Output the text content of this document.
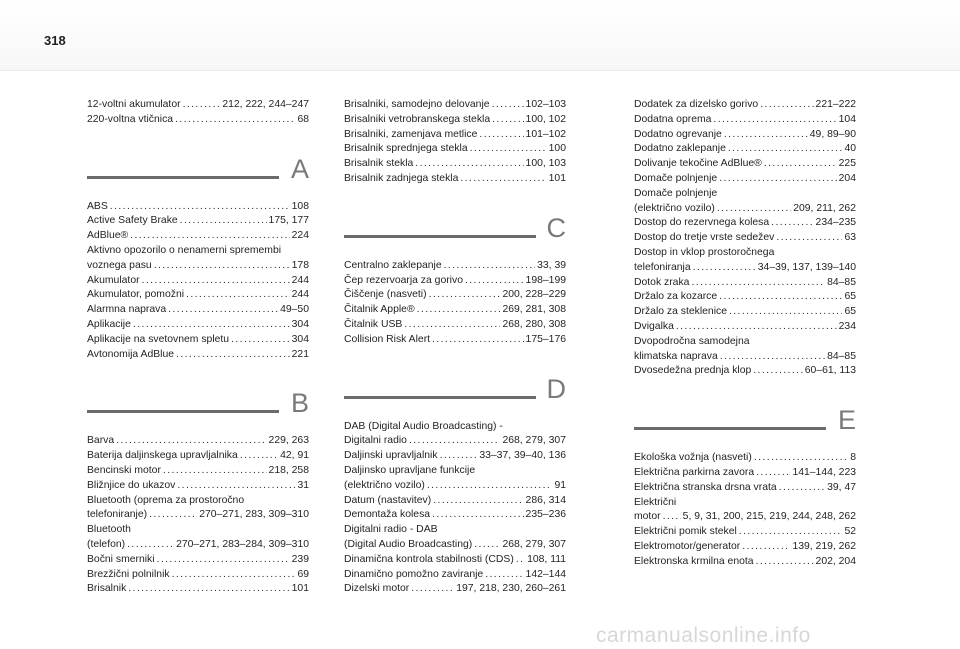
318
12-voltni akumulator .....	212, 222, 244–247
220-voltna vtičnica .....	68
A
ABS .....	108
Active Safety Brake .....	175, 177
AdBlue® .....	224
Aktivno opozorilo o nenamerni spremembi
voznega pasu .....	178
Akumulator .....	244
Akumulator, pomožni .....	244
Alarmna naprava .....	49–50
Aplikacije .....	304
Aplikacije na svetovnem spletu .....	304
Avtonomija AdBlue .....	221
B
Barva .....	229, 263
Baterija daljinskega upravljalnika .....	42, 91
Bencinski motor .....	218, 258
Bližnjice do ukazov .....	31
Bluetooth (oprema za prostoročno
telefoniranje) .....	270–271, 283, 309–310
Bluetooth
(telefon) .....	270–271, 283–284, 309–310
Bočni smerniki .....	239
Brezžični polnilnik .....	69
Brisalnik .....	101
Brisalniki, samodejno delovanje .....	102–103
Brisalniki vetrobranskega stekla .....	100, 102
Brisalniki, zamenjava metlice .....	101–102
Brisalnik sprednjega stekla .....	100
Brisalnik stekla .....	100, 103
Brisalnik zadnjega stekla .....	101
C
Centralno zaklepanje .....	33, 39
Čep rezervoarja za gorivo .....	198–199
Čiščenje (nasveti) .....	200, 228–229
Čitalnik Apple® .....	269, 281, 308
Čitalnik USB .....	268, 280, 308
Collision Risk Alert .....	175–176
D
DAB (Digital Audio Broadcasting) -
Digitalni radio .....	268, 279, 307
Daljinski upravljalnik .....	33–37, 39–40, 136
Daljinsko upravljane funkcije
(električno vozilo) .....	91
Datum (nastavitev) .....	286, 314
Demontaža kolesa .....	235–236
Digitalni radio - DAB
(Digital Audio Broadcasting) .....	268, 279, 307
Dinamična kontrola stabilnosti (CDS) ..... 108, 111
Dinamično pomožno zaviranje .....	142–144
Dizelski motor .....	197, 218, 230, 260–261
Dodatek za dizelsko gorivo .....	221–222
Dodatna oprema .....	104
Dodatno ogrevanje .....	49, 89–90
Dodatno zaklepanje .....	40
Dolivanje tekočine AdBlue® .....	225
Domače polnjenje .....	204
Domače polnjenje
(električno vozilo) .....	209, 211, 262
Dostop do rezervnega kolesa .....	234–235
Dostop do tretje vrste sedežev .....	63
Dostop in vklop prostoročnega
telefoniranja .....	34–39, 137, 139–140
Dotok zraka .....	84–85
Držalo za kozarce .....	65
Držalo za steklenice .....	65
Dvigalka .....	234
Dvopodročna samodejna
klimatska naprava .....	84–85
Dvosedežna prednja klop .....	60–61, 113
E
Ekološka vožnja (nasveti) .....	8
Električna parkirna zavora .....	141–144, 223
Električna stranska drsna vrata .....	39, 47
Električni
motor ..... 5, 9, 31, 200, 215, 219, 244, 248, 262
Električni pomik stekel .....	52
Elektromotor/generator .....	139, 219, 262
Elektronska krmilna enota .....	202, 204
carmanualsonline.info
